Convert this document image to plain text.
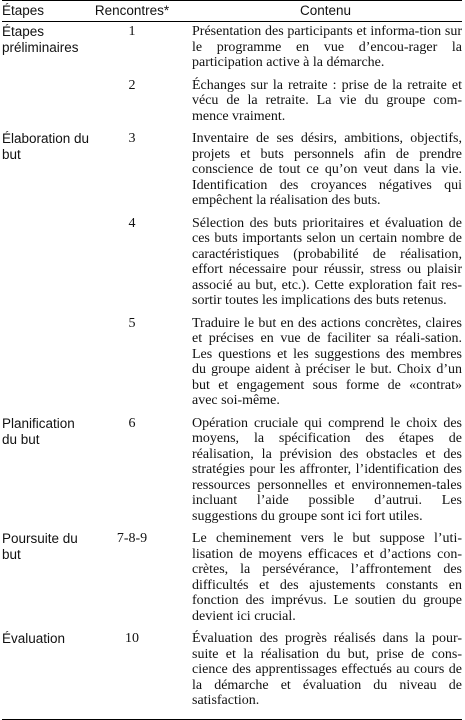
Étapes	Rencontres*	Contenu
Étapes préliminaires	1	Présentation des participants et informa-tion sur le programme en vue d’encou-rager la participation active à la démarche.
	2	Échanges sur la retraite : prise de la retraite et vécu de la retraite. La vie du groupe com-mence vraiment.
Élaboration du but	3	Inventaire de ses désirs, ambitions, objectifs, projets et buts personnels afin de prendre conscience de tout ce qu’on veut dans la vie. Identification des croyances négatives qui empêchent la réalisation des buts.
	4	Sélection des buts prioritaires et évaluation de ces buts importants selon un certain nombre de caractéristiques (probabilité de réalisation, effort nécessaire pour réussir, stress ou plaisir associé au but, etc.). Cette exploration fait res-sortir toutes les implications des buts retenus.
	5	Traduire le but en des actions concrètes, claires et précises en vue de faciliter sa réali-sation. Les questions et les suggestions des membres du groupe aident à préciser le but. Choix d’un but et engagement sous forme de «contrat» avec soi-même.
Planification du but	6	Opération cruciale qui comprend le choix des moyens, la spécification des étapes de réalisation, la prévision des obstacles et des stratégies pour les affronter, l’identification des ressources personnelles et environnemen-tales incluant l’aide possible d’autrui. Les suggestions du groupe sont ici fort utiles.
Poursuite du but	7-8-9	Le cheminement vers le but suppose l’uti-lisation de moyens efficaces et d’actions con-crètes, la persévérance, l’affrontement des difficultés et des ajustements constants en fonction des imprévus. Le soutien du groupe devient ici crucial.
Évaluation	10	Évaluation des progrès réalisés dans la pour-suite et la réalisation du but, prise de cons-cience des apprentissages effectués au cours de la démarche et évaluation du niveau de satisfaction.
